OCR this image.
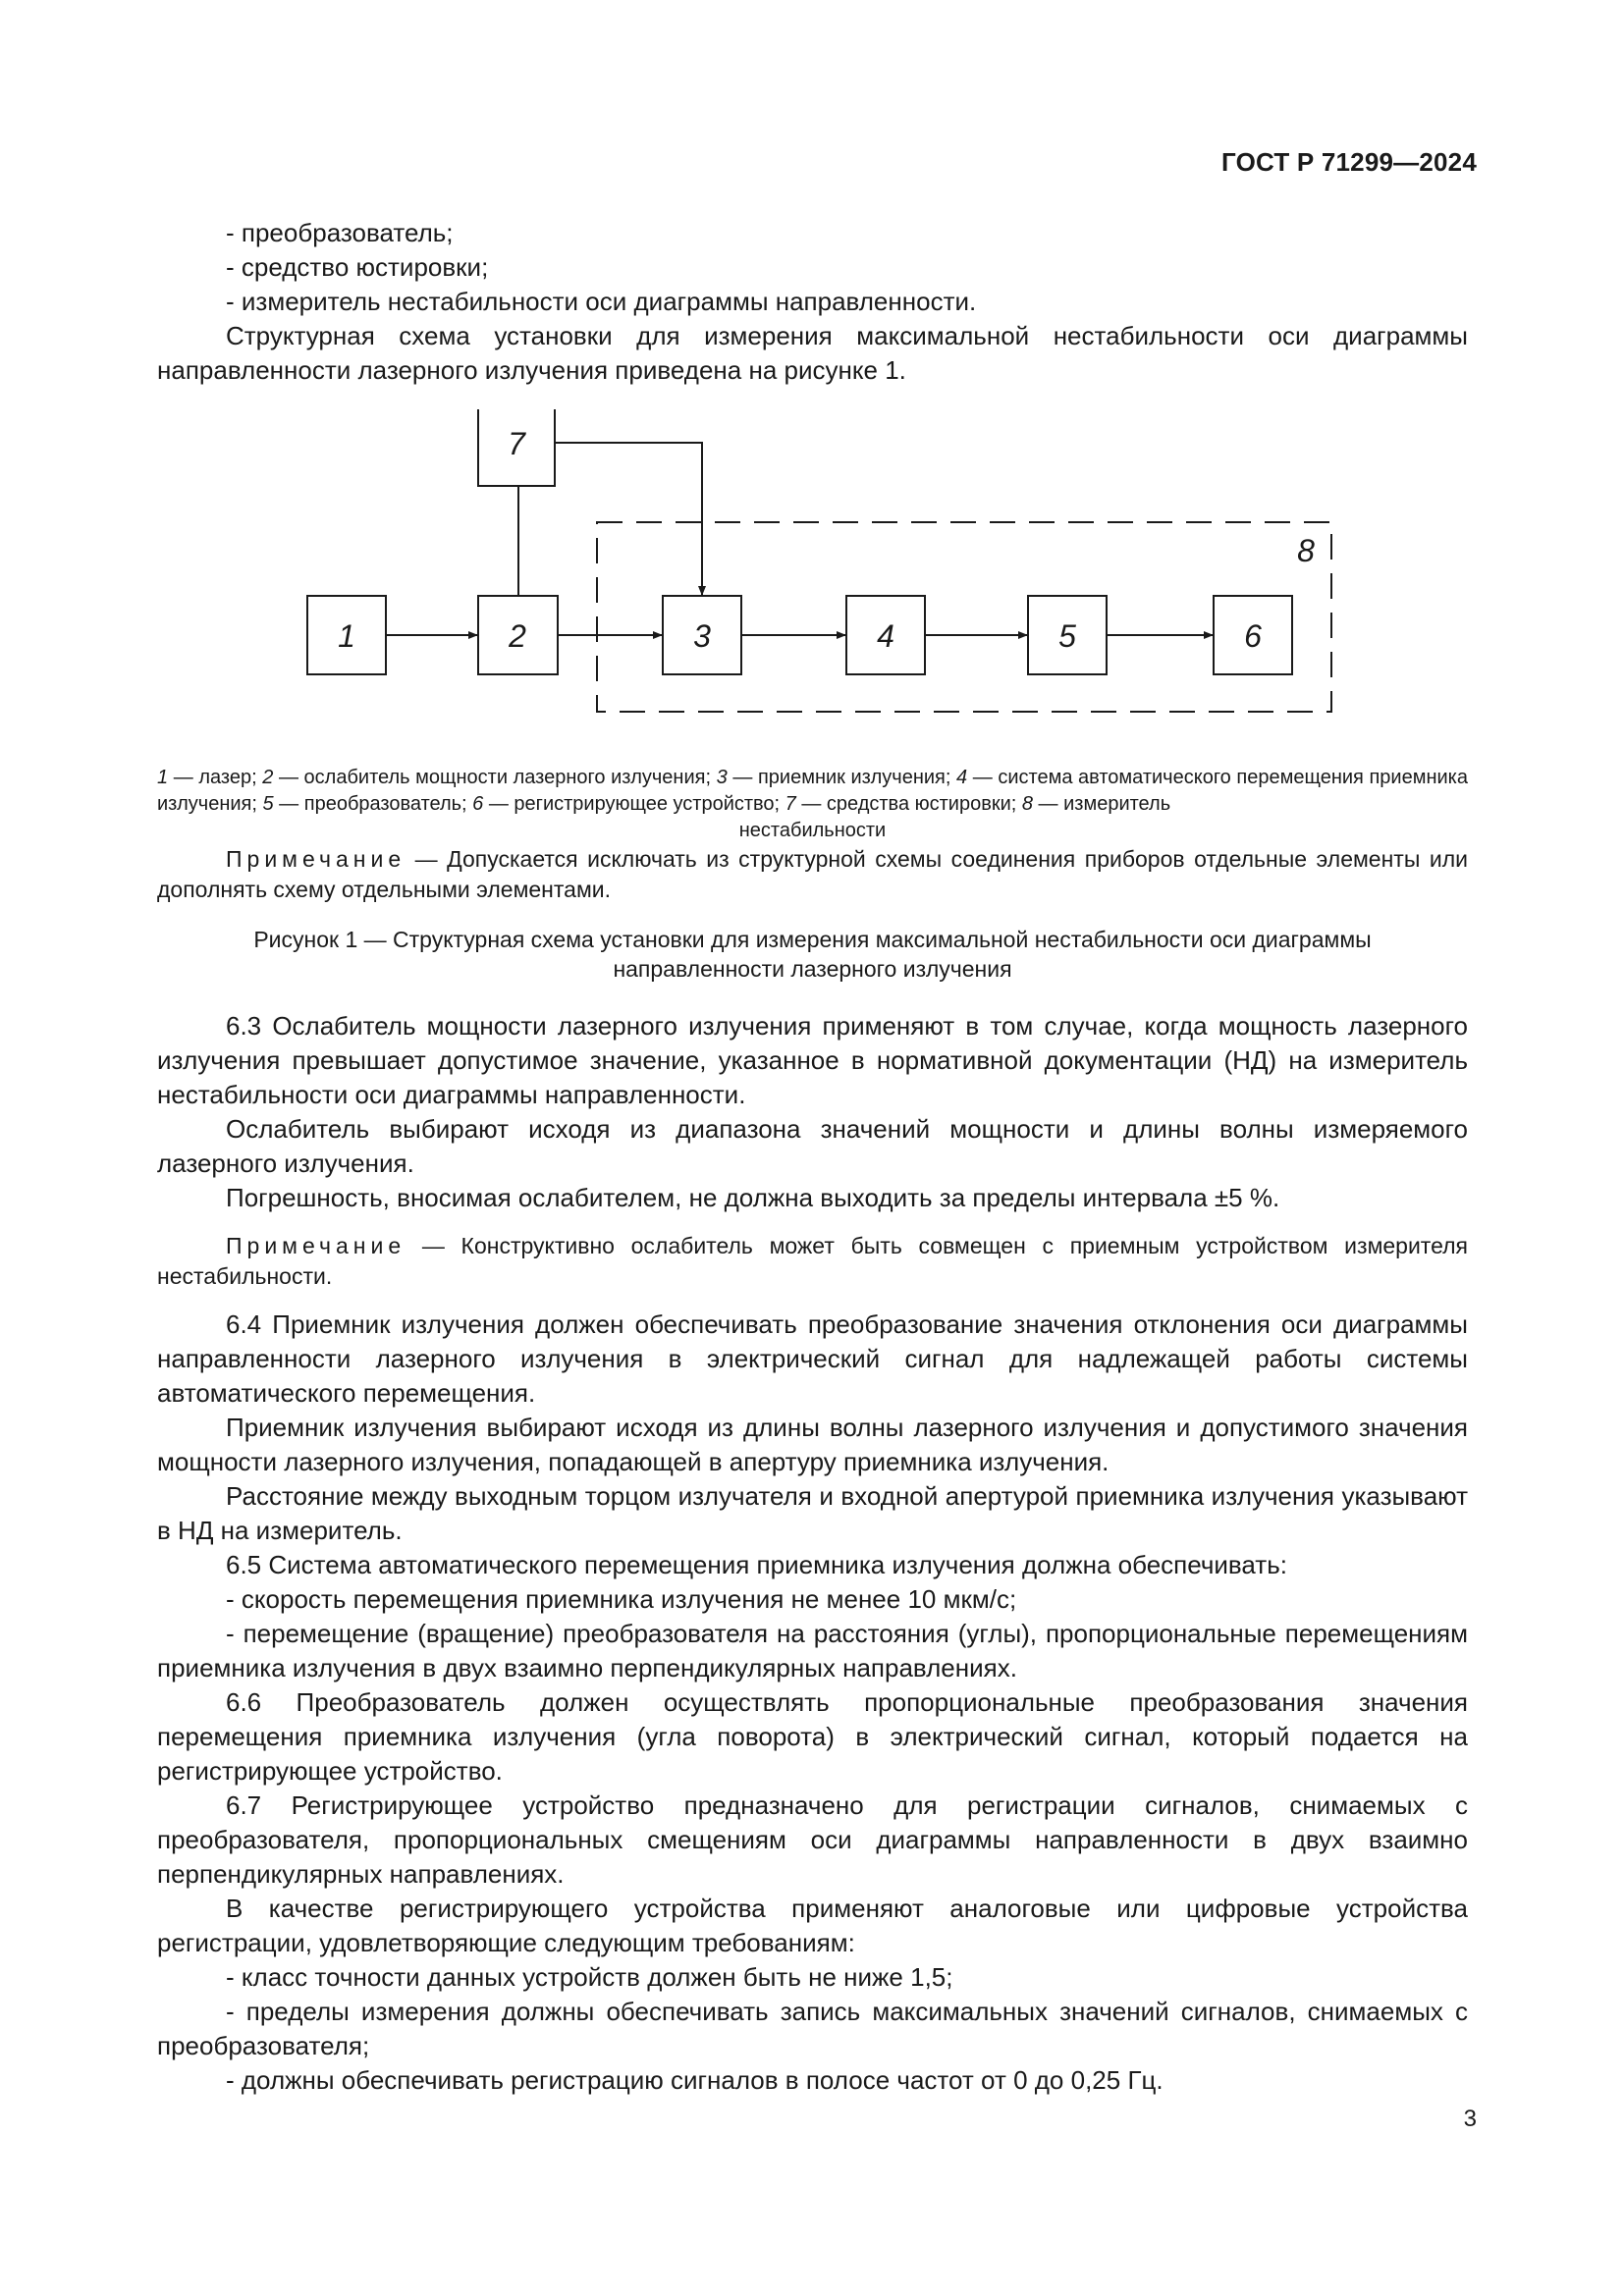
ГОСТ Р 71299—2024

- преобразователь;

- средство юстировки;

- измеритель нестабильности оси диаграммы направленности.

Структурная схема установки для измерения максимальной нестабильности оси диаграммы направленности лазерного излучения приведена на рисунке 1.

7
1	2	3	4	5	6
8

1 — лазер; 2 — ослабитель мощности лазерного излучения; 3 — приемник излучения; 4 — система автоматического перемещения приемника излучения; 5 — преобразователь; 6 — регистрирующее устройство; 7 — средства юстировки; 8 — измеритель

нестабильности

Примечание — Допускается исключать из структурной схемы соединения приборов отдельные элементы или дополнять схему отдельными элементами.

Рисунок 1 — Структурная схема установки для измерения максимальной нестабильности оси диаграммы

направленности лазерного излучения

6.3 Ослабитель мощности лазерного излучения применяют в том случае, когда мощность лазерного излучения превышает допустимое значение, указанное в нормативной документации (НД) на измеритель нестабильности оси диаграммы направленности.

Ослабитель выбирают исходя из диапазона значений мощности и длины волны измеряемого лазерного излучения.

Погрешность, вносимая ослабителем, не должна выходить за пределы интервала ±5 %.

Примечание — Конструктивно ослабитель может быть совмещен с приемным устройством измерителя нестабильности.

6.4 Приемник излучения должен обеспечивать преобразование значения отклонения оси диаграммы направленности лазерного излучения в электрический сигнал для надлежащей работы системы автоматического перемещения.

Приемник излучения выбирают исходя из длины волны лазерного излучения и допустимого значения мощности лазерного излучения, попадающей в апертуру приемника излучения.

Расстояние между выходным торцом излучателя и входной апертурой приемника излучения указывают в НД на измеритель.

6.5 Система автоматического перемещения приемника излучения должна обеспечивать:

- скорость перемещения приемника излучения не менее 10 мкм/с;

- перемещение (вращение) преобразователя на расстояния (углы), пропорциональные перемещениям приемника излучения в двух взаимно перпендикулярных направлениях.

6.6 Преобразователь должен осуществлять пропорциональные преобразования значения перемещения приемника излучения (угла поворота) в электрический сигнал, который подается на регистрирующее устройство.

6.7 Регистрирующее устройство предназначено для регистрации сигналов, снимаемых с преобразователя, пропорциональных смещениям оси диаграммы направленности в двух взаимно перпендикулярных направлениях.

В качестве регистрирующего устройства применяют аналоговые или цифровые устройства регистрации, удовлетворяющие следующим требованиям:

- класс точности данных устройств должен быть не ниже 1,5;

- пределы измерения должны обеспечивать запись максимальных значений сигналов, снимаемых с преобразователя;

- должны обеспечивать регистрацию сигналов в полосе частот от 0 до 0,25 Гц.

3
